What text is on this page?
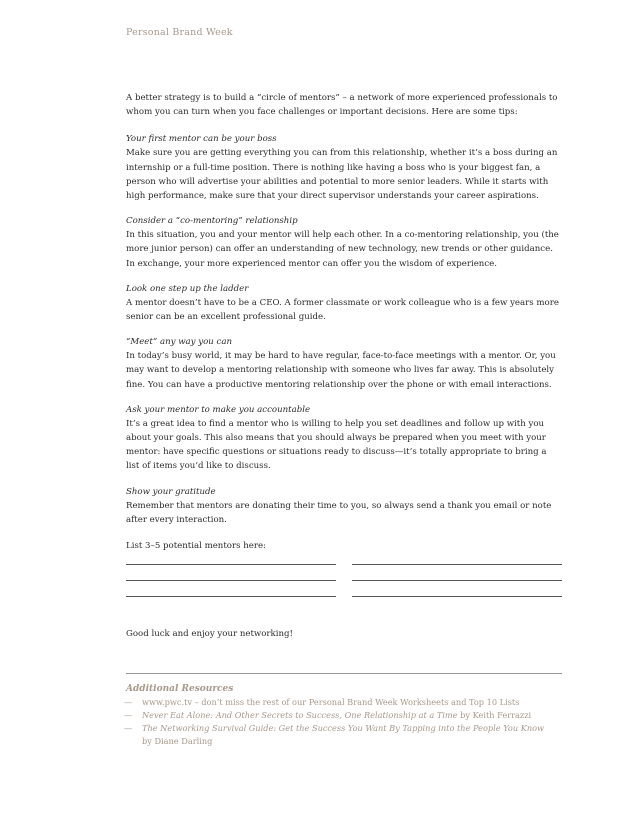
Personal Brand Week

A better strategy is to build a “circle of mentors” – a network of more experienced professionals to whom you can turn when you face challenges or important decisions. Here are some tips:

Your first mentor can be your boss

Make sure you are getting everything you can from this relationship, whether it’s a boss during an internship or a full-time position. There is nothing like having a boss who is your biggest fan, a person who will advertise your abilities and potential to more senior leaders. While it starts with high performance, make sure that your direct supervisor understands your career aspirations.

Consider a “co-mentoring” relationship

In this situation, you and your mentor will help each other. In a co-mentoring relationship, you (the more junior person) can offer an understanding of new technology, new trends or other guidance. In exchange, your more experienced mentor can offer you the wisdom of experience.

Look one step up the ladder

A mentor doesn’t have to be a CEO. A former classmate or work colleague who is a few years more senior can be an excellent professional guide.

“Meet” any way you can

In today’s busy world, it may be hard to have regular, face-to-face meetings with a mentor. Or, you may want to develop a mentoring relationship with someone who lives far away. This is absolutely fine. You can have a productive mentoring relationship over the phone or with email interactions.

Ask your mentor to make you accountable

It’s a great idea to find a mentor who is willing to help you set deadlines and follow up with you about your goals. This also means that you should always be prepared when you meet with your mentor: have specific questions or situations ready to discuss—it’s totally appropriate to bring a list of items you’d like to discuss.

Show your gratitude

Remember that mentors are donating their time to you, so always send a thank you email or note after every interaction.

List 3–5 potential mentors here:

Good luck and enjoy your networking!

Additional Resources
— www.pwc.tv – don’t miss the rest of our Personal Brand Week Worksheets and Top 10 Lists
— Never Eat Alone: And Other Secrets to Success, One Relationship at a Time by Keith Ferrazzi
— The Networking Survival Guide: Get the Success You Want By Tapping into the People You Know
by Diane Darling
